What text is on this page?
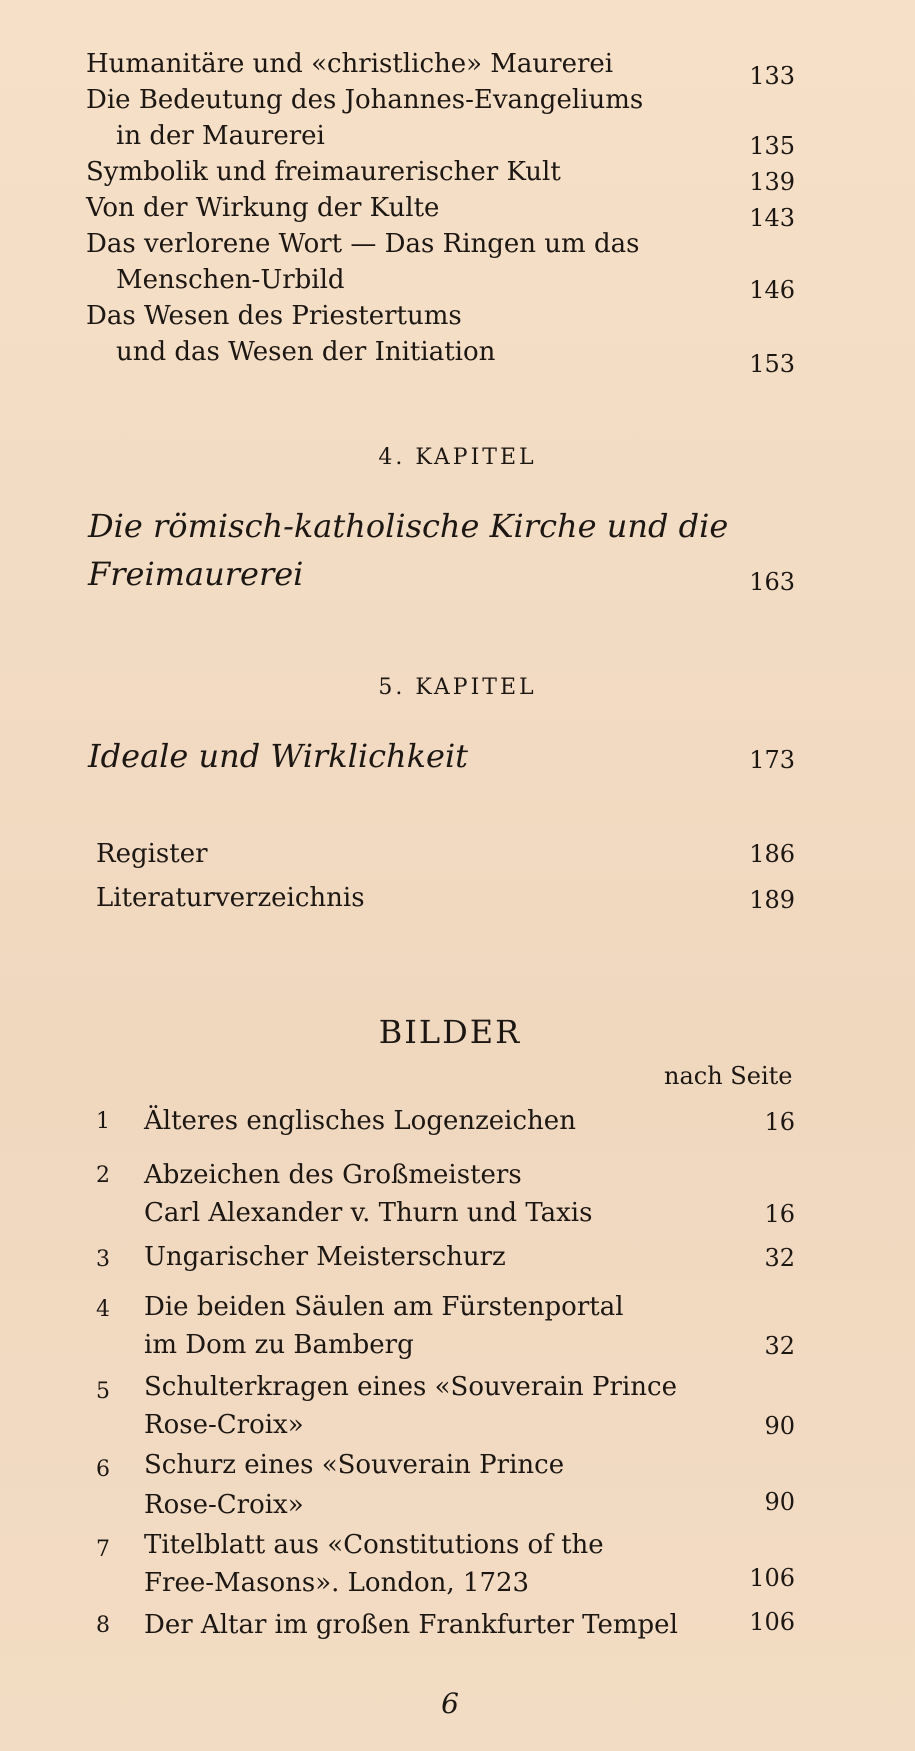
Humanitäre und «christliche» Maurerei	133
Die Bedeutung des Johannes-Evangeliums
in der Maurerei	135
Symbolik und freimaurerischer Kult	139
Von der Wirkung der Kulte	143
Das verlorene Wort — Das Ringen um das
Menschen-Urbild	146
Das Wesen des Priestertums
und das Wesen der Initiation	153
4. KAPITEL
Die römisch-katholische Kirche und die
Freimaurerei	163
5. KAPITEL
Ideale und Wirklichkeit	173
Register	186
Literaturverzeichnis	189
BILDER
nach Seite
1	Älteres englisches Logenzeichen	16
2	Abzeichen des Großmeisters
Carl Alexander v. Thurn und Taxis	16
3	Ungarischer Meisterschurz	32
4	Die beiden Säulen am Fürstenportal
im Dom zu Bamberg	32
5	Schulterkragen eines «Souverain Prince
Rose-Croix»	90
6	Schurz eines «Souverain Prince
Rose-Croix»	90
7	Titelblatt aus «Constitutions of the
Free-Masons». London, 1723	106
8	Der Altar im großen Frankfurter Tempel	106
6
